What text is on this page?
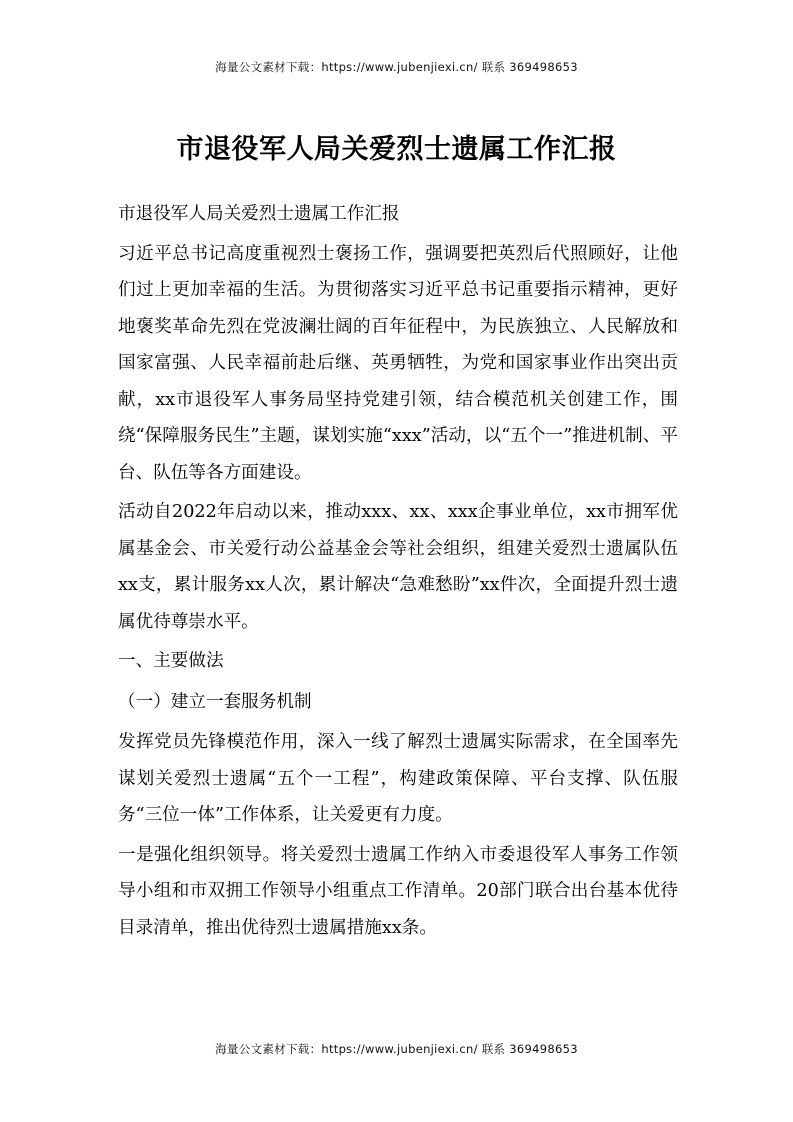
海量公文素材下载：https://www.jubenjiexi.cn/ 联系 369498653
市退役军人局关爱烈士遗属工作汇报

市退役军人局关爱烈士遗属工作汇报

习近平总书记高度重视烈士褒扬工作，强调要把英烈后代照顾好，让他们过上更加幸福的生活。为贯彻落实习近平总书记重要指示精神，更好地褒奖革命先烈在党波澜壮阔的百年征程中，为民族独立、人民解放和国家富强、人民幸福前赴后继、英勇牺牲，为党和国家事业作出突出贡献，xx市退役军人事务局坚持党建引领，结合模范机关创建工作，围绕“保障服务民生”主题，谋划实施“xxx”活动，以“五个一”推进机制、平台、队伍等各方面建设。

活动自2022年启动以来，推动xxx、xx、xxx企事业单位，xx市拥军优属基金会、市关爱行动公益基金会等社会组织，组建关爱烈士遗属队伍xx支，累计服务xx人次，累计解决“急难愁盼”xx件次，全面提升烈士遗属优待尊崇水平。

一、主要做法

（一）建立一套服务机制

发挥党员先锋模范作用，深入一线了解烈士遗属实际需求，在全国率先谋划关爱烈士遗属“五个一工程”，构建政策保障、平台支撑、队伍服务“三位一体”工作体系，让关爱更有力度。

一是强化组织领导。将关爱烈士遗属工作纳入市委退役军人事务工作领导小组和市双拥工作领导小组重点工作清单。20部门联合出台基本优待目录清单，推出优待烈士遗属措施xx条。

海量公文素材下载：https://www.jubenjiexi.cn/ 联系 369498653
